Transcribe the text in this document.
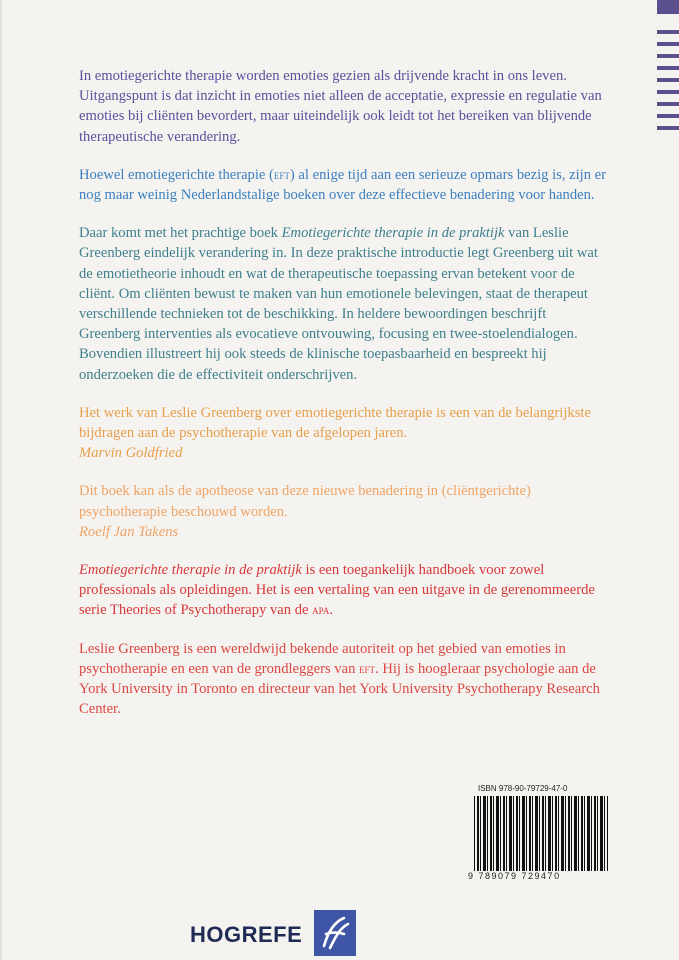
In emotiegerichte therapie worden emoties gezien als drijvende kracht in ons leven. Uitgangspunt is dat inzicht in emoties niet alleen de acceptatie, expressie en regulatie van emoties bij cliënten bevordert, maar uiteindelijk ook leidt tot het bereiken van blijvende therapeutische verandering.

Hoewel emotiegerichte therapie (eft) al enige tijd aan een serieuze opmars bezig is, zijn er nog maar weinig Nederlandstalige boeken over deze effectieve benadering voor handen.

Daar komt met het prachtige boek Emotiegerichte therapie in de praktijk van Leslie Greenberg eindelijk verandering in. In deze praktische introductie legt Greenberg uit wat de emotietheorie inhoudt en wat de therapeutische toepassing ervan betekent voor de cliënt. Om cliënten bewust te maken van hun emotionele belevingen, staat de therapeut verschillende technieken tot de beschikking. In heldere bewoordingen beschrijft Greenberg interventies als evocatieve ontvouwing, focusing en twee-stoelendialogen. Bovendien illustreert hij ook steeds de klinische toepasbaarheid en bespreekt hij onderzoeken die de effectiviteit onderschrijven.

Het werk van Leslie Greenberg over emotiegerichte therapie is een van de belangrijkste bijdragen aan de psychotherapie van de afgelopen jaren.
Marvin Goldfried

Dit boek kan als de apotheose van deze nieuwe benadering in (cliëntgerichte) psychotherapie beschouwd worden.
Roelf Jan Takens

Emotiegerichte therapie in de praktijk is een toegankelijk handboek voor zowel professionals als opleidingen. Het is een vertaling van een uitgave in de gerenommeerde serie Theories of Psychotherapy van de apa.

Leslie Greenberg is een wereldwijd bekende autoriteit op het gebied van emoties in psychotherapie en een van de grondleggers van eft. Hij is hoogleraar psychologie aan de York University in Toronto en directeur van het York University Psychotherapy Research Center.

ISBN 978-90-79729-47-0
9 789079 729470
HOGREFE
